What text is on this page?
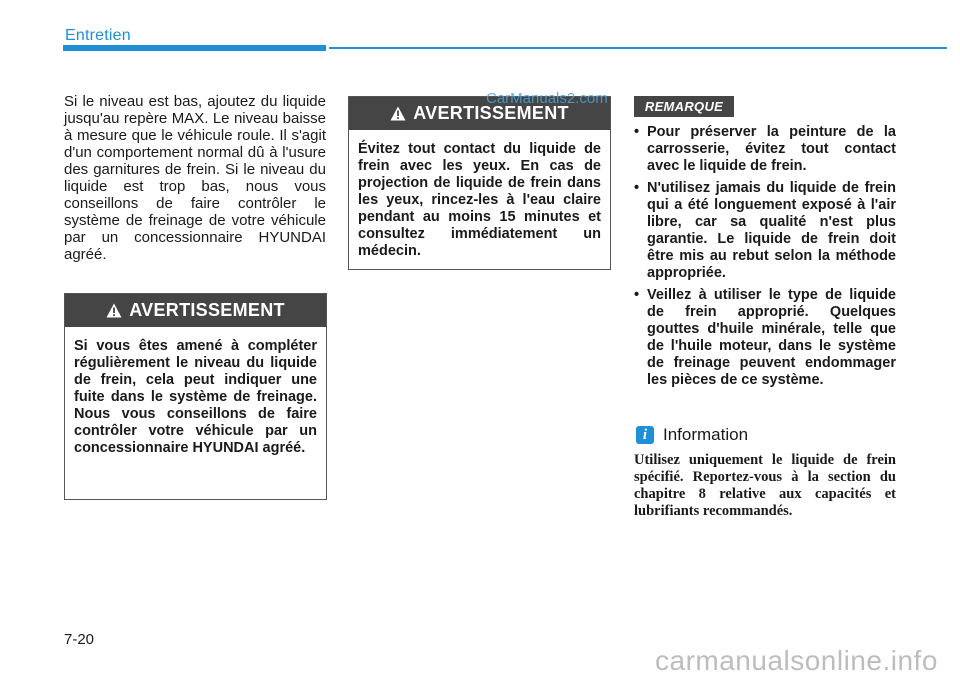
Entretien
Si le niveau est bas, ajoutez du liquide jusqu'au repère MAX. Le niveau baisse à mesure que le véhicule roule. Il s'agit d'un comportement normal dû à l'usure des garnitures de frein. Si le niveau du liquide est trop bas, nous vous conseillons de faire contrôler le système de freinage de votre véhicule par un concessionnaire HYUNDAI agréé.
AVERTISSEMENT
Si vous êtes amené à compléter régulièrement le niveau du liquide de frein, cela peut indiquer une fuite dans le système de freinage. Nous vous conseillons de faire contrôler votre véhicule par un concessionnaire HYUNDAI agréé.
AVERTISSEMENT
Évitez tout contact du liquide de frein avec les yeux. En cas de projection de liquide de frein dans les yeux, rincez-les à l'eau claire pendant au moins 15 minutes et consultez immédiatement un médecin.
CarManuals2.com	REMARQUE
• Pour préserver la peinture de la carrosserie, évitez tout contact avec le liquide de frein.
• N'utilisez jamais du liquide de frein qui a été longuement exposé à l'air libre, car sa qualité n'est plus garantie. Le liquide de frein doit être mis au rebut selon la méthode appropriée.
• Veillez à utiliser le type de liquide de frein approprié. Quelques gouttes d'huile minérale, telle que de l'huile moteur, dans le système de freinage peuvent endommager les pièces de ce système.
i Information
Utilisez uniquement le liquide de frein spécifié. Reportez-vous à la section du chapitre 8 relative aux capacités et lubrifiants recommandés.
7-20
carmanualsonline.info
